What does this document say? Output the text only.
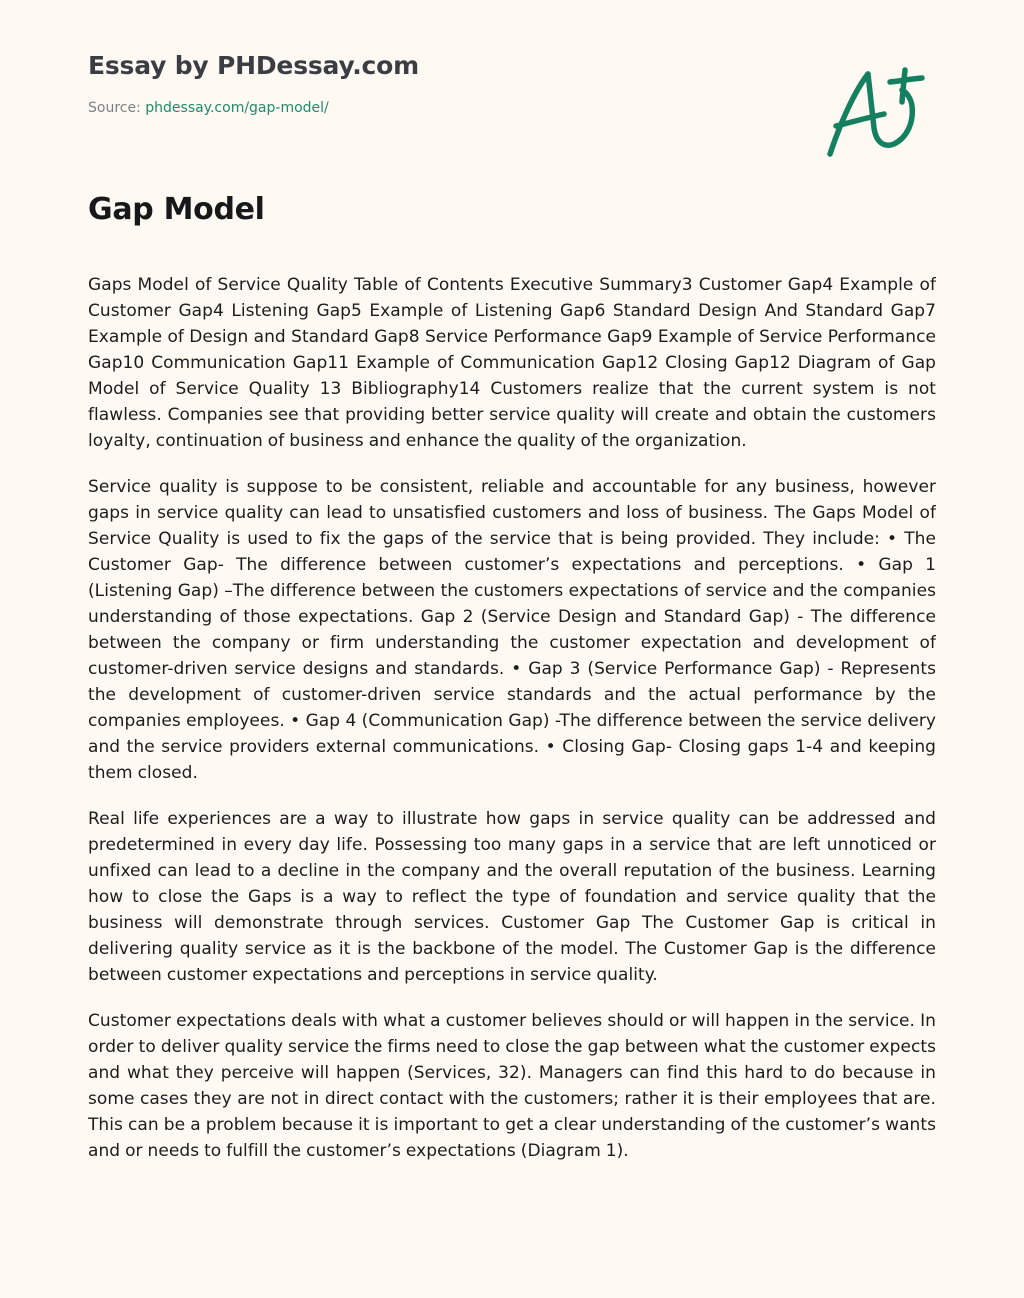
Essay by PHDessay.com
Source: phdessay.com/gap-model/
Gap Model

Gaps Model of Service Quality Table of Contents Executive Summary3 Customer Gap4 Example of Customer Gap4 Listening Gap5 Example of Listening Gap6 Standard Design And Standard Gap7 Example of Design and Standard Gap8 Service Performance Gap9 Example of Service Performance Gap10 Communication Gap11 Example of Communication Gap12 Closing Gap12 Diagram of Gap Model of Service Quality 13 Bibliography14 Customers realize that the current system is not flawless. Companies see that providing better service quality will create and obtain the customers loyalty, continuation of business and enhance the quality of the organization.

Service quality is suppose to be consistent, reliable and accountable for any business, however gaps in service quality can lead to unsatisfied customers and loss of business. The Gaps Model of Service Quality is used to fix the gaps of the service that is being provided. They include: • The Customer Gap- The difference between customer’s expectations and perceptions. • Gap 1 (Listening Gap) –The difference between the customers expectations of service and the companies understanding of those expectations. Gap 2 (Service Design and Standard Gap) - The difference between the company or firm understanding the customer expectation and development of customer-driven service designs and standards. • Gap 3 (Service Performance Gap) - Represents the development of customer-driven service standards and the actual performance by the companies employees. • Gap 4 (Communication Gap) -The difference between the service delivery and the service providers external communications. • Closing Gap- Closing gaps 1-4 and keeping them closed.

Real life experiences are a way to illustrate how gaps in service quality can be addressed and predetermined in every day life. Possessing too many gaps in a service that are left unnoticed or unfixed can lead to a decline in the company and the overall reputation of the business. Learning how to close the Gaps is a way to reflect the type of foundation and service quality that the business will demonstrate through services. Customer Gap The Customer Gap is critical in delivering quality service as it is the backbone of the model. The Customer Gap is the difference between customer expectations and perceptions in service quality.

Customer expectations deals with what a customer believes should or will happen in the service. In order to deliver quality service the firms need to close the gap between what the customer expects and what they perceive will happen (Services, 32). Managers can find this hard to do because in some cases they are not in direct contact with the customers; rather it is their employees that are. This can be a problem because it is important to get a clear understanding of the customer’s wants and or needs to fulfill the customer’s expectations (Diagram 1).
